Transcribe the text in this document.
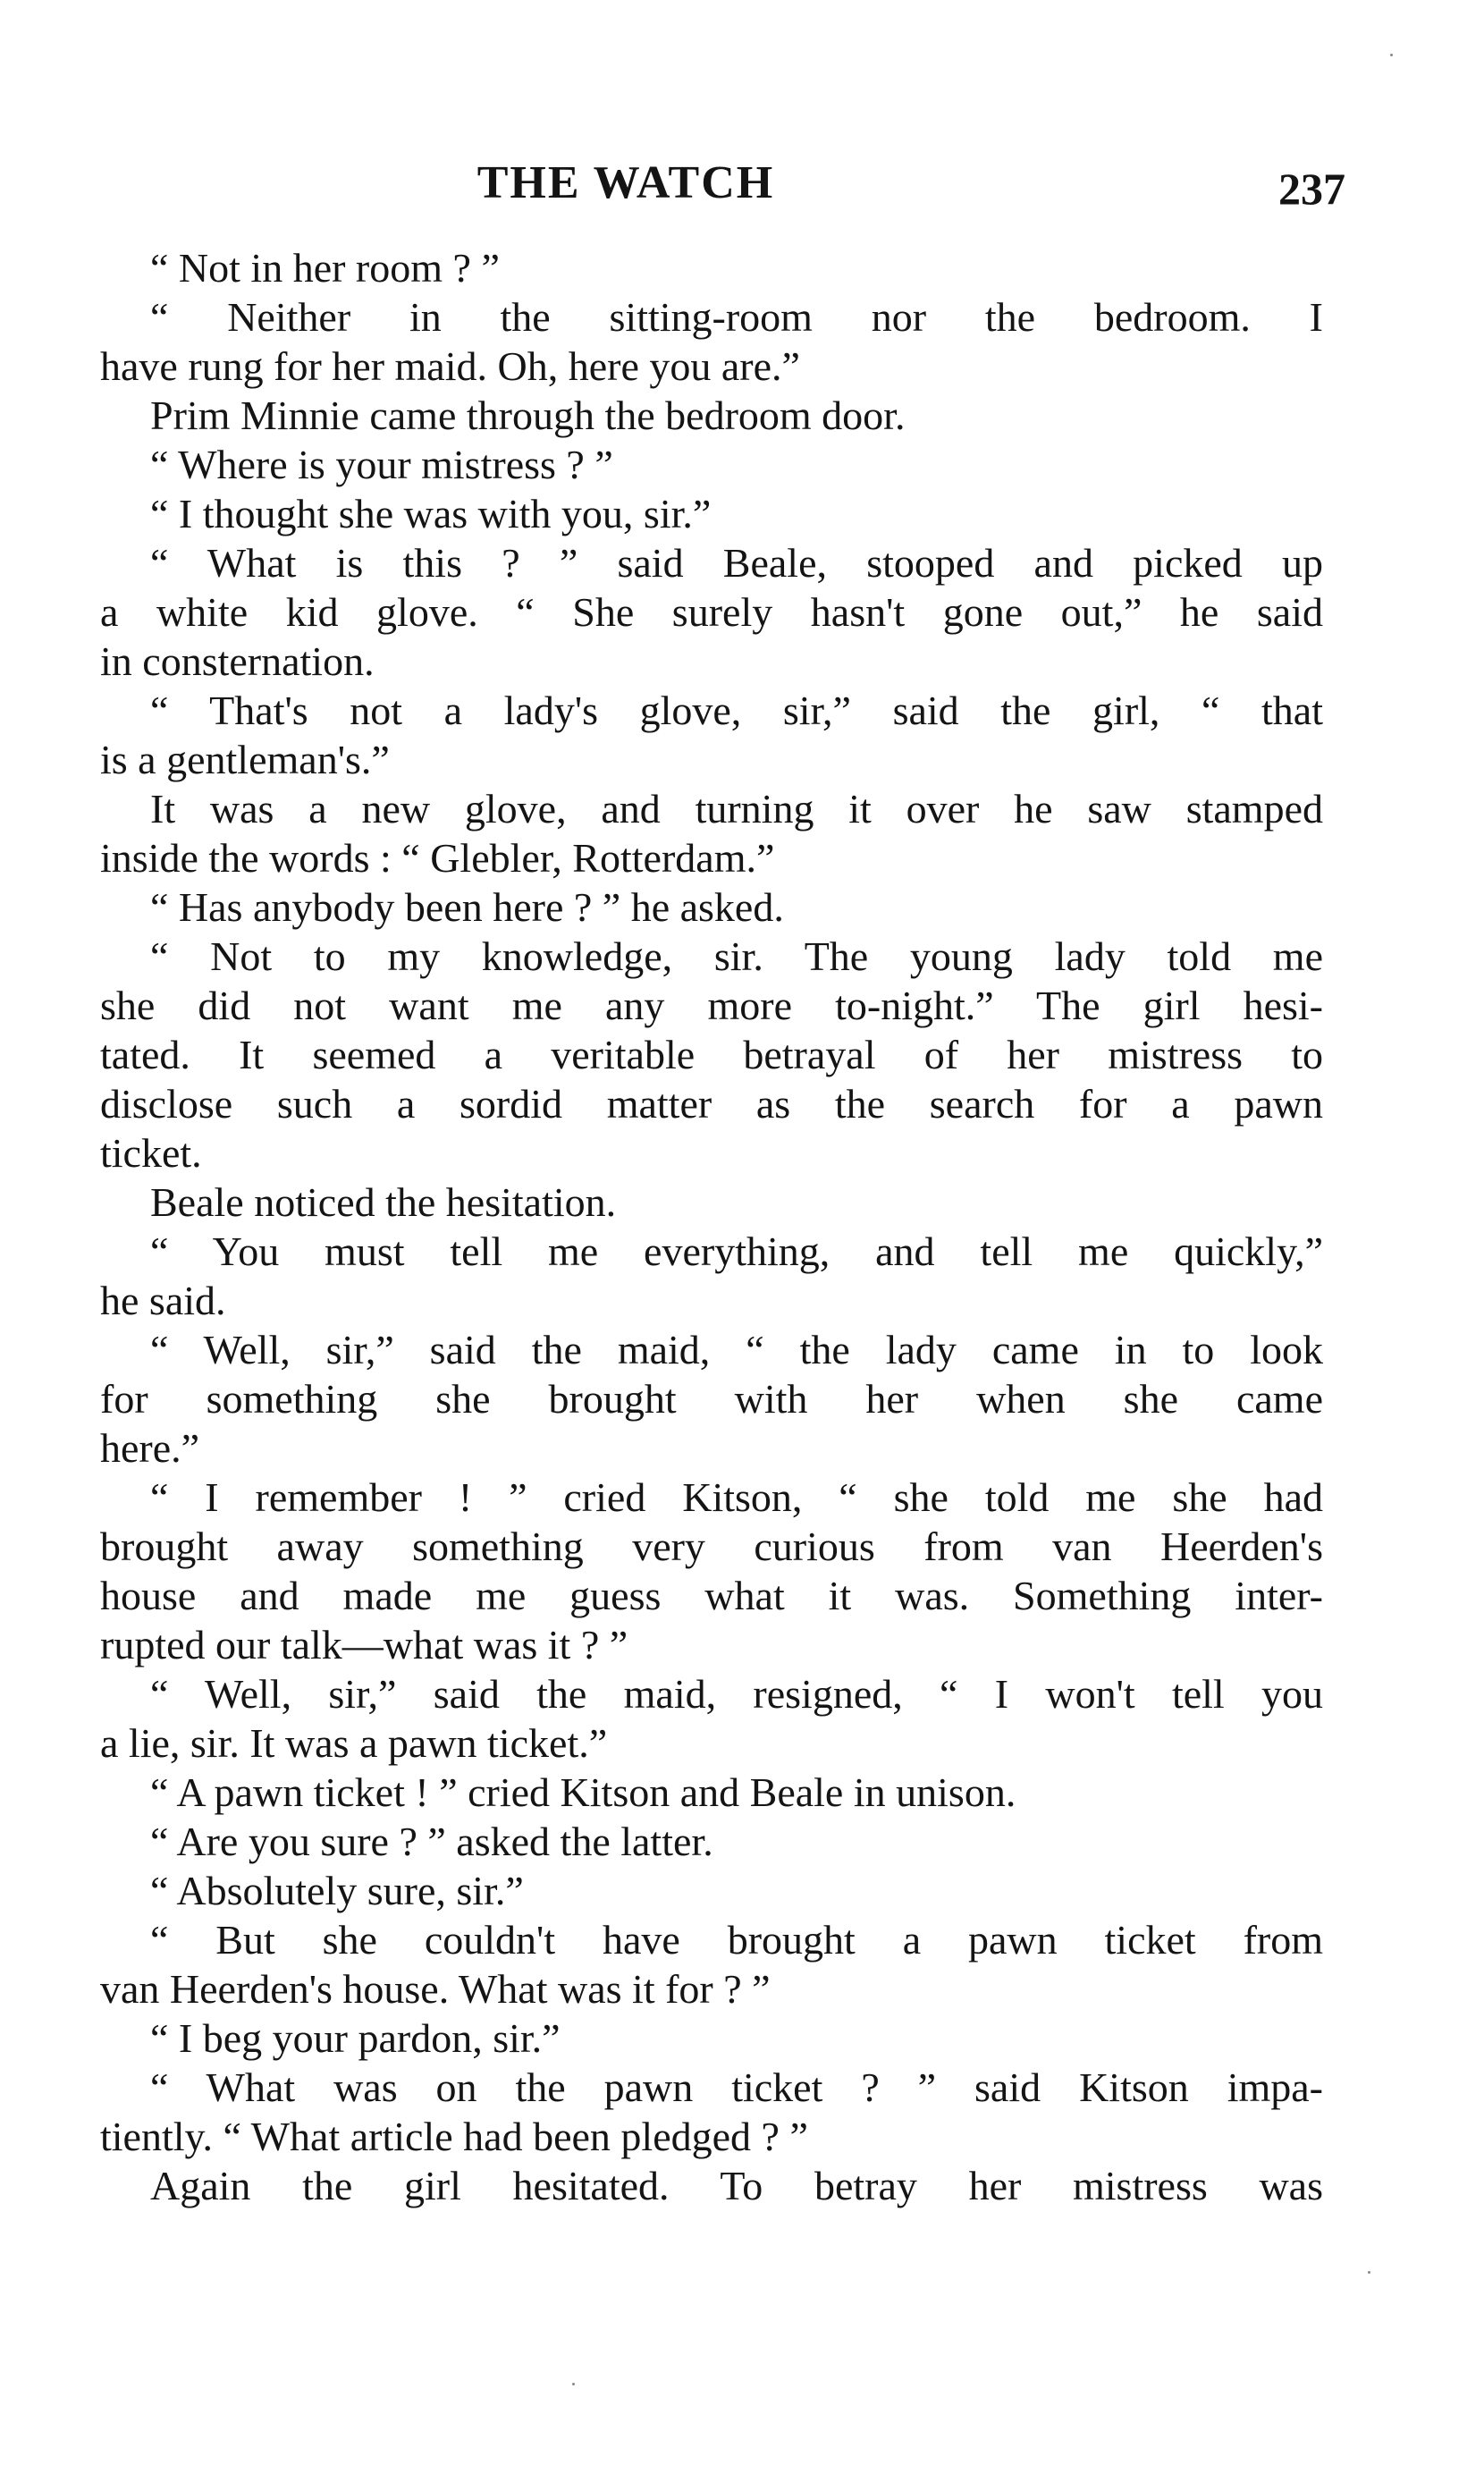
THE WATCH	237
“ Not in her room ? ”
“ Neither in the sitting-room nor the bedroom. I
have rung for her maid. Oh, here you are.”
Prim Minnie came through the bedroom door.
“ Where is your mistress ? ”
“ I thought she was with you, sir.”
“ What is this ? ” said Beale, stooped and picked up
a white kid glove. “ She surely hasn't gone out,” he said
in consternation.
“ That's not a lady's glove, sir,” said the girl, “ that
is a gentleman's.”
It was a new glove, and turning it over he saw stamped
inside the words : “ Glebler, Rotterdam.”
“ Has anybody been here ? ” he asked.
“ Not to my knowledge, sir. The young lady told me
she did not want me any more to-night.” The girl hesi-
tated. It seemed a veritable betrayal of her mistress to
disclose such a sordid matter as the search for a pawn
ticket.
Beale noticed the hesitation.
“ You must tell me everything, and tell me quickly,”
he said.
“ Well, sir,” said the maid, “ the lady came in to look
for something she brought with her when she came
here.”
“ I remember ! ” cried Kitson, “ she told me she had
brought away something very curious from van Heerden's
house and made me guess what it was. Something inter-
rupted our talk—what was it ? ”
“ Well, sir,” said the maid, resigned, “ I won't tell you
a lie, sir. It was a pawn ticket.”
“ A pawn ticket ! ” cried Kitson and Beale in unison.
“ Are you sure ? ” asked the latter.
“ Absolutely sure, sir.”
“ But she couldn't have brought a pawn ticket from
van Heerden's house. What was it for ? ”
“ I beg your pardon, sir.”
“ What was on the pawn ticket ? ” said Kitson impa-
tiently. “ What article had been pledged ? ”
Again the girl hesitated. To betray her mistress was
